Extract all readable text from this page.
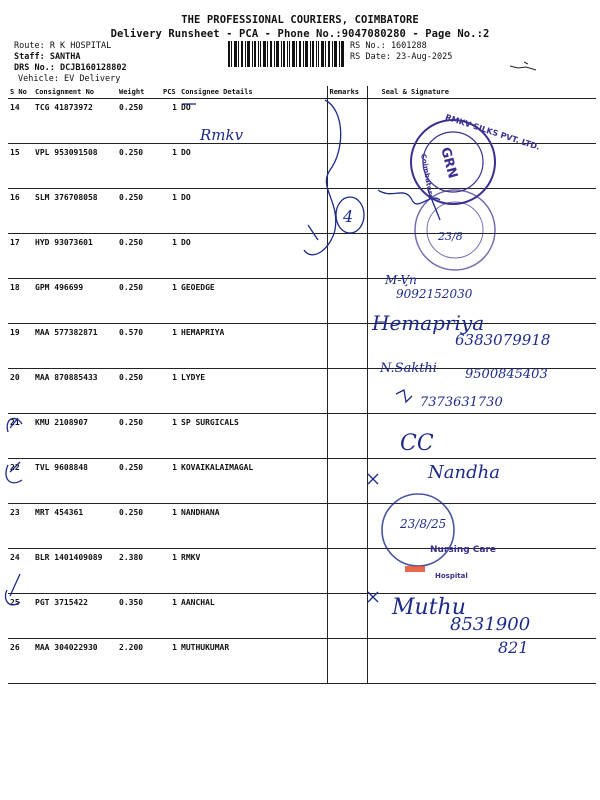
THE PROFESSIONAL COURIERS, COIMBATORE
Delivery Runsheet - PCA - Phone No.:9047080280 - Page No.:2
Route: R K HOSPITAL
Staff: SANTHA
DRS No.: DCJB160128802
Vehicle: EV Delivery
RS No.: 1601288
RS Date: 23-Aug-2025
S No	Consignment No	Weight	PCS	Consignee Details	Remarks	Seal & Signature
14	TCG 41873972	0.250	1	DO		
15	VPL 953091508	0.250	1	DO		
16	SLM 376708058	0.250	1	DO		
17	HYD 93073601	0.250	1	DO		
18	GPM 496699	0.250	1	GEOEDGE		
19	MAA 577382871	0.570	1	HEMAPRIYA		
20	MAA 870885433	0.250	1	LYDYE		
21	KMU 2108907	0.250	1	SP SURGICALS		
22	TVL 9608848	0.250	1	KOVAIKALAIMAGAL		
23	MRT 454361	0.250	1	NANDHANA		
24	BLR 1401409089	2.380	1	RMKV		
25	PGT 3715422	0.350	1	AANCHAL		
26	MAA 304022930	2.200	1	MUTHUKUMAR		
RMKV SILKS PVT. LTD.
GRN
Coimbatore
23/8
23/8/25
Nursing Care
Hospital
Rmkv
4
M-V̧n
9092152030
Hemapriya
6383079918
N.Sakthi 9500845403
7373631730
CC
Nandha
Muthu
8531900
821
